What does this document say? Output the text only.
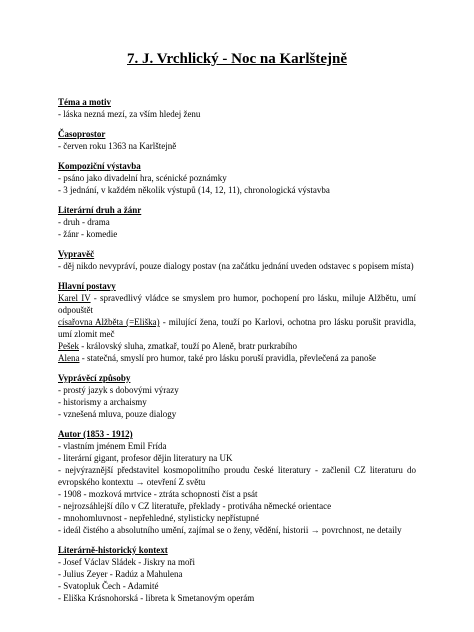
7. J. Vrchlický - Noc na Karlštejně
Téma a motiv
- láska nezná mezí, za vším hledej ženu
Časoprostor
- červen roku 1363 na Karlštejně
Kompoziční výstavba
- psáno jako divadelní hra, scénické poznámky
- 3 jednání, v každém několik výstupů (14, 12, 11), chronologická výstavba
Literární druh a žánr
- druh - drama
- žánr - komedie
Vypravěč
- děj nikdo nevypráví, pouze dialogy postav (na začátku jednání uveden odstavec s popisem místa)
Hlavní postavy
Karel IV - spravedlivý vládce se smyslem pro humor, pochopení pro lásku, miluje Alžbětu, umí odpouštět
císařovna Alžběta (=Eliška) - milující žena, touží po Karlovi, ochotna pro lásku porušit pravidla, umí zlomit meč
Pešek - královský sluha, zmatkař, touží po Aleně, bratr purkrabího
Alena - statečná, smyslí pro humor, také pro lásku poruší pravidla, převlečená za panoše
Vyprávěcí způsoby
- prostý jazyk s dobovými výrazy
- historismy a archaismy
- vznešená mluva, pouze dialogy
Autor (1853 - 1912)
- vlastním jménem Emil Frída
- literární gigant, profesor dějin literatury na UK
- nejvýraznější představitel kosmopolitního proudu české literatury - začlenil CZ literaturu do evropského kontextu → otevření Z světu
- 1908 - mozková mrtvice - ztráta schopnosti číst a psát
- nejrozsáhlejší dílo v CZ literatuře, překlady - protiváha německé orientace
- mnohomluvnost - nepřehledné, stylisticky nepřístupné
- ideál čistého a absolutního umění, zajímal se o ženy, vědění, historii → povrchnost, ne detaily
Literárně-historický kontext
- Josef Václav Sládek - Jiskry na moři
- Julius Zeyer - Radúz a Mahulena
- Svatopluk Čech - Adamité
- Eliška Krásnohorská - libreta k Smetanovým operám
